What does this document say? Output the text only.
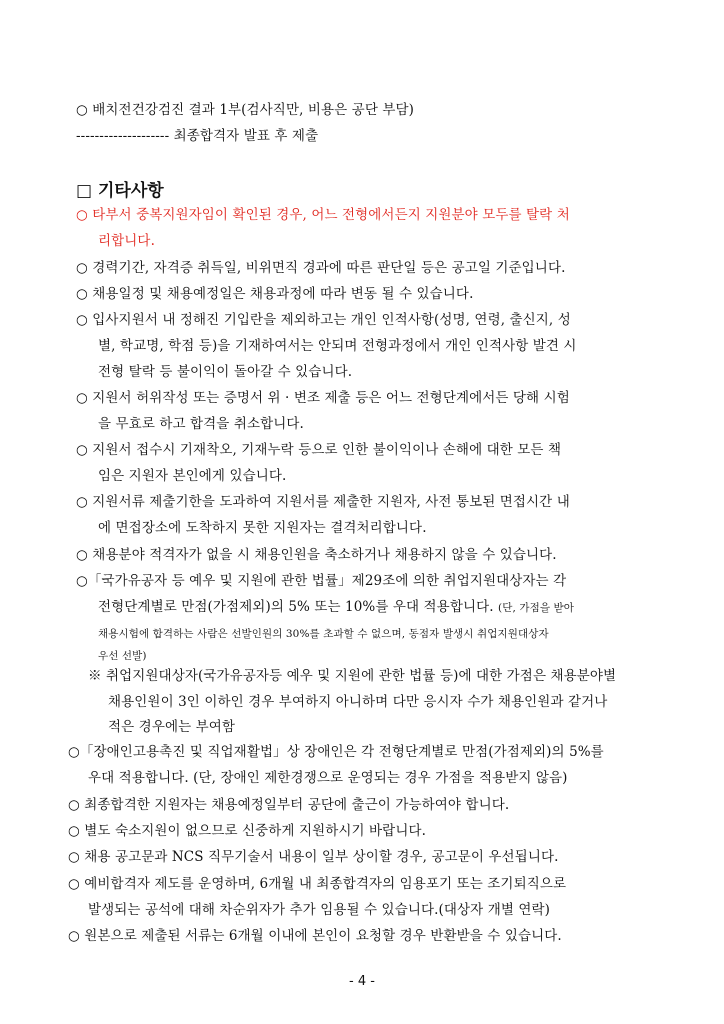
○ 배치전건강검진 결과 1부(검사직만, 비용은 공단 부담)
-------------------- 최종합격자 발표 후 제출
□ 기타사항
○ 타부서 중복지원자임이 확인된 경우, 어느 전형에서든지 지원분야 모두를 탈락 처
리합니다.
○ 경력기간, 자격증 취득일, 비위면직 경과에 따른 판단일 등은 공고일 기준입니다.
○ 채용일정 및 채용예정일은 채용과정에 따라 변동 될 수 있습니다.
○ 입사지원서 내 정해진 기입란을 제외하고는 개인 인적사항(성명, 연령, 출신지, 성
별, 학교명, 학점 등)을 기재하여서는 안되며 전형과정에서 개인 인적사항 발견 시
전형 탈락 등 불이익이 돌아갈 수 있습니다.
○ 지원서 허위작성 또는 증명서 위 · 변조 제출 등은 어느 전형단계에서든 당해 시험
을 무효로 하고 합격을 취소합니다.
○ 지원서 접수시 기재착오, 기재누락 등으로 인한 불이익이나 손해에 대한 모든 책
임은 지원자 본인에게 있습니다.
○ 지원서류 제출기한을 도과하여 지원서를 제출한 지원자, 사전 통보된 면접시간 내
에 면접장소에 도착하지 못한 지원자는 결격처리합니다.
○ 채용분야 적격자가 없을 시 채용인원을 축소하거나 채용하지 않을 수 있습니다.
○「국가유공자 등 예우 및 지원에 관한 법률」제29조에 의한 취업지원대상자는 각
전형단계별로 만점(가점제외)의 5% 또는 10%를 우대 적용합니다. (단, 가점을 받아
채용시험에 합격하는 사람은 선발인원의 30%를 초과할 수 없으며, 동점자 발생시 취업지원대상자
우선 선발)
※ 취업지원대상자(국가유공자등 예우 및 지원에 관한 법률 등)에 대한 가점은 채용분야별
채용인원이 3인 이하인 경우 부여하지 아니하며 다만 응시자 수가 채용인원과 같거나
적은 경우에는 부여함
○「장애인고용촉진 및 직업재활법」상 장애인은 각 전형단계별로 만점(가점제외)의 5%를
우대 적용합니다. (단, 장애인 제한경쟁으로 운영되는 경우 가점을 적용받지 않음)
○ 최종합격한 지원자는 채용예정일부터 공단에 출근이 가능하여야 합니다.
○ 별도 숙소지원이 없으므로 신중하게 지원하시기 바랍니다.
○ 채용 공고문과 NCS 직무기술서 내용이 일부 상이할 경우, 공고문이 우선됩니다.
○ 예비합격자 제도를 운영하며, 6개월 내 최종합격자의 임용포기 또는 조기퇴직으로
발생되는 공석에 대해 차순위자가 추가 임용될 수 있습니다.(대상자 개별 연락)
○ 원본으로 제출된 서류는 6개월 이내에 본인이 요청할 경우 반환받을 수 있습니다.
- 4 -
